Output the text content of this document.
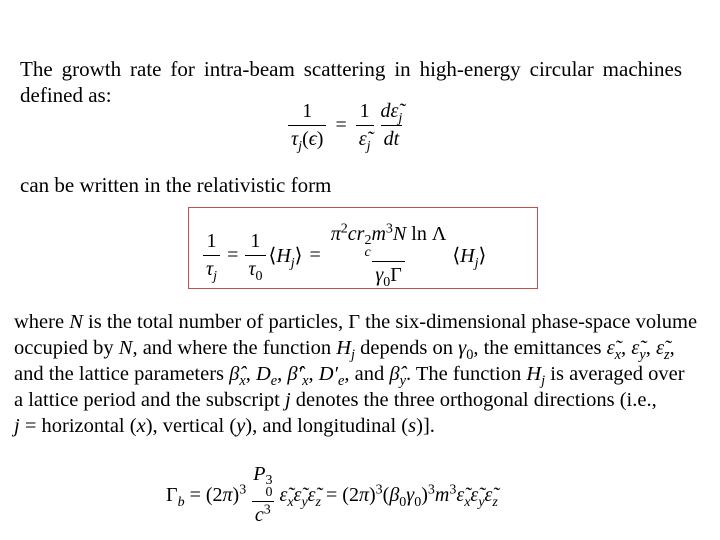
The growth rate for intra-beam scattering in high-energy circular machines defined as:
$\frac{1}{\tau_j(\epsilon)} = \frac{1}{\varepsiloñ_j} \frac{d\varepsiloñ_j}{dt}$
can be written in the relativistic form
$\frac{1}{\tau_j} = \frac{1}{\tau_0}$ $⟨H_j⟩ = \pi^2cr$ 2
c
$m^3N$ ln Λ
$\gamma_0\Gamma$ $⟨H_j⟩$

where N is the total number of particles, Γ the six-dimensional phase-space volume

occupied by N, and where the function $H_j$ depends on $\gamma_0$, the emittances $\varepsiloñ_x$, $\varepsiloñ_y$, $\varepsiloñ_z$,

and the lattice parameters $\betâ_x$, $D_e$, $\betâ'_x$, $D'_e$, and $\betâ_y$. The function $H_j$ is averaged over

a lattice period and the subscript j denotes the three orthogonal directions (i.e.,

j = horizontal (x), vertical (y), and longitudinal (s)].

$\Gamma_b = (2\pi)^3$ P 3
0
$c^3$ $\varepsiloñ_x\varepsiloñ_y\varepsiloñ_z$ = $(2\pi)^3(\beta_0\gamma_0)^3m^3\varepsiloñ_x\varepsiloñ_y\varepsiloñ_z$
